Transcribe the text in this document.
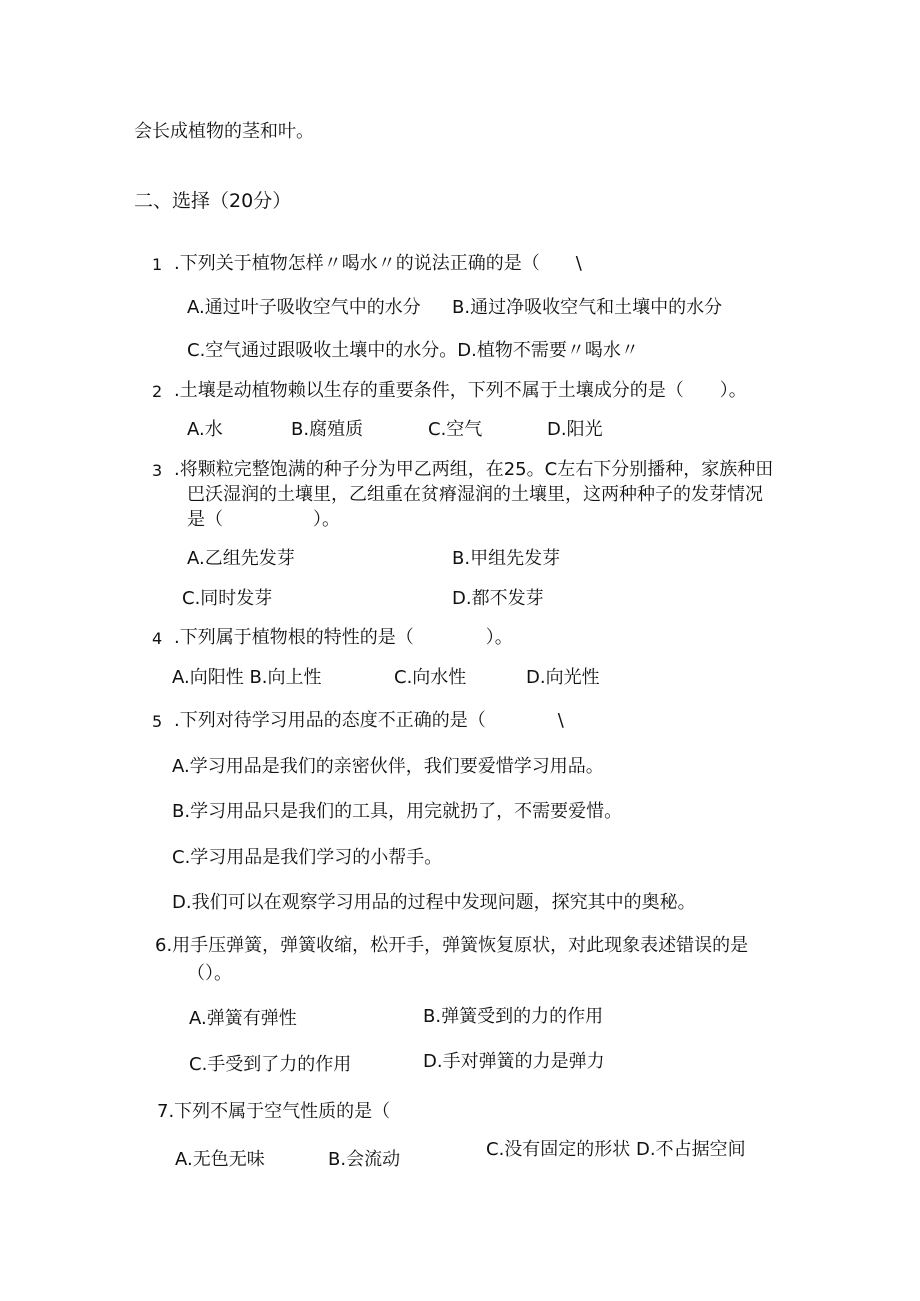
会长成植物的茎和叶。
二、选择（20分）
1 .下列关于植物怎样〃喝水〃的说法正确的是（　　\
A.通过叶子吸收空气中的水分 B.通过净吸收空气和土壤中的水分
C.空气通过跟吸收土壤中的水分。D.植物不需要〃喝水〃
2 .土壤是动植物赖以生存的重要条件，下列不属于土壤成分的是（　　）。
A.水	B.腐殖质	C.空气	D.阳光
3 .将颗粒完整饱满的种子分为甲乙两组，在25。C左右下分别播种，家族种田
巴沃湿润的土壤里，乙组重在贫瘠湿润的土壤里，这两种种子的发芽情况
是（　　　　　）。
A.乙组先发芽	B.甲组先发芽
C.同时发芽	D.都不发芽
4 .下列属于植物根的特性的是（　　　　）。
A.向阳性 B.向上性	C.向水性	D.向光性
5 .下列对待学习用品的态度不正确的是（　　　　\
A.学习用品是我们的亲密伙伴，我们要爱惜学习用品。
B.学习用品只是我们的工具，用完就扔了，不需要爱惜。
C.学习用品是我们学习的小帮手。
D.我们可以在观察学习用品的过程中发现问题，探究其中的奥秘。
6.用手压弹簧，弹簧收缩，松开手，弹簧恢复原状，对此现象表述错误的是
（）。
A.弹簧有弹性	B.弹簧受到的力的作用
C.手受到了力的作用	D.手对弹簧的力是弹力
7.下列不属于空气性质的是（
A.无色无味	B.会流动	C.没有固定的形状 D.不占据空间
